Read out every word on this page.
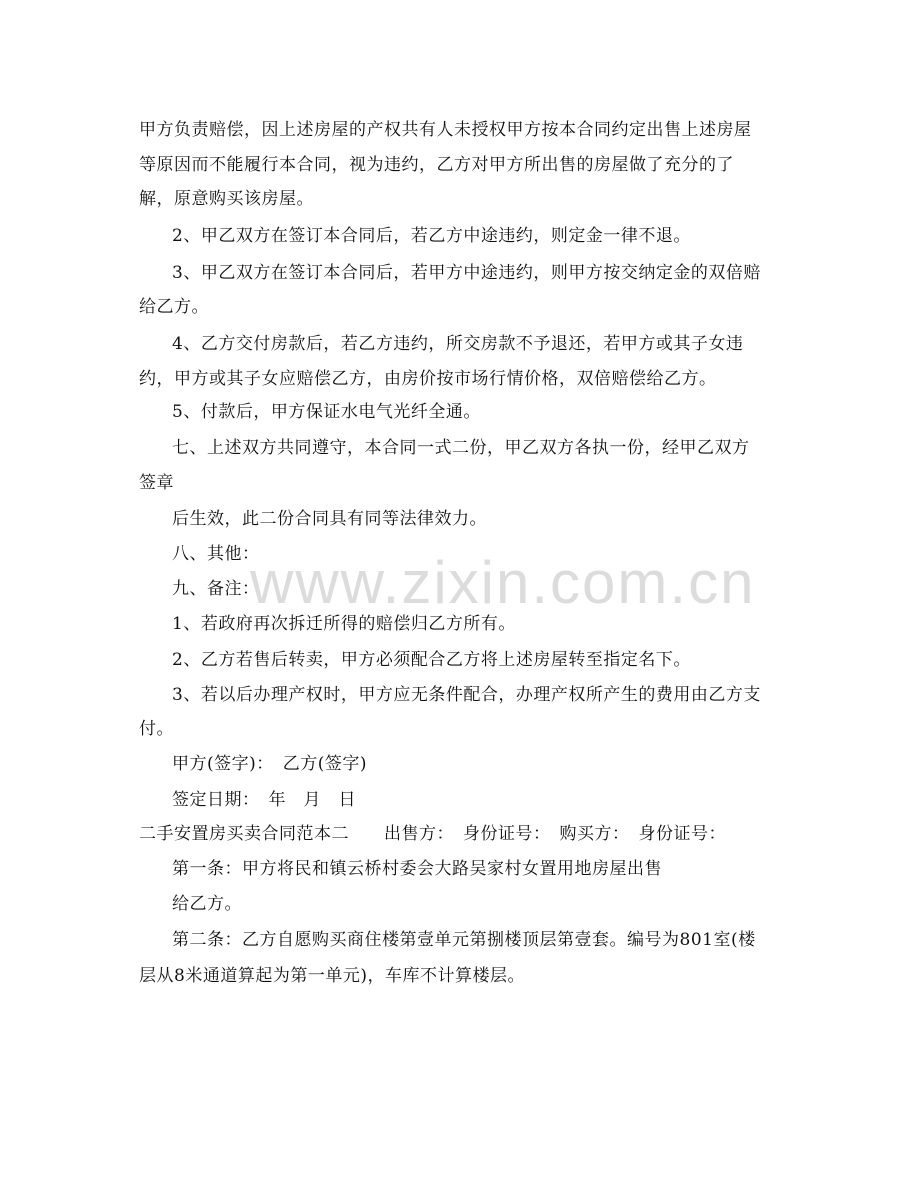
甲方负责赔偿，因上述房屋的产权共有人未授权甲方按本合同约定出售上述房屋
等原因而不能履行本合同，视为违约，乙方对甲方所出售的房屋做了充分的了
解，原意购买该房屋。
2、甲乙双方在签订本合同后，若乙方中途违约，则定金一律不退。
3、甲乙双方在签订本合同后，若甲方中途违约，则甲方按交纳定金的双倍赔
给乙方。
4、乙方交付房款后，若乙方违约，所交房款不予退还，若甲方或其子女违
约，甲方或其子女应赔偿乙方，由房价按市场行情价格，双倍赔偿给乙方。
5、付款后，甲方保证水电气光纤全通。
七、上述双方共同遵守，本合同一式二份，甲乙双方各执一份，经甲乙双方
签章
后生效，此二份合同具有同等法律效力。
八、其他：
九、备注：
1、若政府再次拆迁所得的赔偿归乙方所有。
2、乙方若售后转卖，甲方必须配合乙方将上述房屋转至指定名下。
3、若以后办理产权时，甲方应无条件配合，办理产权所产生的费用由乙方支
付。
甲方(签字)：　乙方(签字)
签定日期：　年　月　日
二手安置房买卖合同范本二　　出售方：　身份证号：　购买方：　身份证号：
第一条：甲方将民和镇云桥村委会大路吴家村女置用地房屋出售
给乙方。
第二条：乙方自愿购买商住楼第壹单元第捌楼顶层第壹套。编号为801室(楼
层从8米通道算起为第一单元)，车库不计算楼层。
www.zixin.com.cn
